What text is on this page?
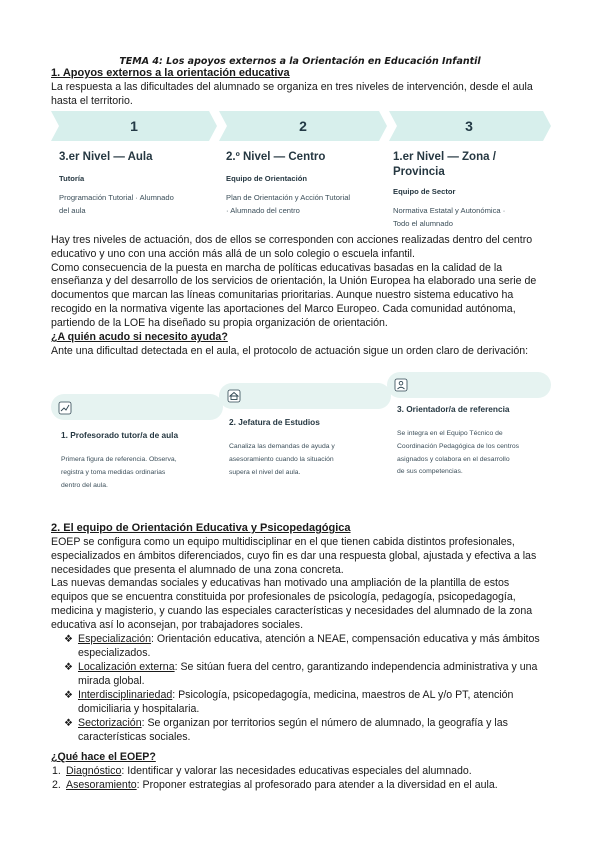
TEMA 4: Los apoyos externos a la Orientación en Educación Infantil
1. Apoyos externos a la orientación educativa
La respuesta a las dificultades del alumnado se organiza en tres niveles de intervención, desde el aula
hasta el territorio.
1	2	3
3.er Nivel — Aula
Tutoría
Programación Tutorial · Alumnado
del aula
2.º Nivel — Centro
Equipo de Orientación
Plan de Orientación y Acción Tutorial
· Alumnado del centro
1.er Nivel — Zona /
Provincia
Equipo de Sector
Normativa Estatal y Autonómica ·
Todo el alumnado
Hay tres niveles de actuación, dos de ellos se corresponden con acciones realizadas dentro del centro
educativo y uno con una acción más allá de un solo colegio o escuela infantil.
Como consecuencia de la puesta en marcha de políticas educativas basadas en la calidad de la
enseñanza y del desarrollo de los servicios de orientación, la Unión Europea ha elaborado una serie de
documentos que marcan las líneas comunitarias prioritarias. Aunque nuestro sistema educativo ha
recogido en la normativa vigente las aportaciones del Marco Europeo. Cada comunidad autónoma,
partiendo de la LOE ha diseñado su propia organización de orientación.
¿A quién acudo si necesito ayuda?
Ante una dificultad detectada en el aula, el protocolo de actuación sigue un orden claro de derivación:
1. Profesorado tutor/a de aula
Primera figura de referencia. Observa,
registra y toma medidas ordinarias
dentro del aula.
2. Jefatura de Estudios
Canaliza las demandas de ayuda y
asesoramiento cuando la situación
supera el nivel del aula.
3. Orientador/a de referencia
Se integra en el Equipo Técnico de
Coordinación Pedagógica de los centros
asignados y colabora en el desarrollo
de sus competencias.
2. El equipo de Orientación Educativa y Psicopedagógica
EOEP se configura como un equipo multidisciplinar en el que tienen cabida distintos profesionales,
especializados en ámbitos diferenciados, cuyo fin es dar una respuesta global, ajustada y efectiva a las
necesidades que presenta el alumnado de una zona concreta.
Las nuevas demandas sociales y educativas han motivado una ampliación de la plantilla de estos
equipos que se encuentra constituida por profesionales de psicología, pedagogía, psicopedagogía,
medicina y magisterio, y cuando las especiales características y necesidades del alumnado de la zona
educativa así lo aconsejan, por trabajadores sociales.
❖ Especialización: Orientación educativa, atención a NEAE, compensación educativa y más ámbitos
especializados.
❖ Localización externa: Se sitúan fuera del centro, garantizando independencia administrativa y una
mirada global.
❖ Interdisciplinariedad: Psicología, psicopedagogía, medicina, maestros de AL y/o PT, atención
domiciliaria y hospitalaria.
❖ Sectorización: Se organizan por territorios según el número de alumnado, la geografía y las
características sociales.
¿Qué hace el EOEP?
1. Diagnóstico: Identificar y valorar las necesidades educativas especiales del alumnado.
2. Asesoramiento: Proponer estrategias al profesorado para atender a la diversidad en el aula.
